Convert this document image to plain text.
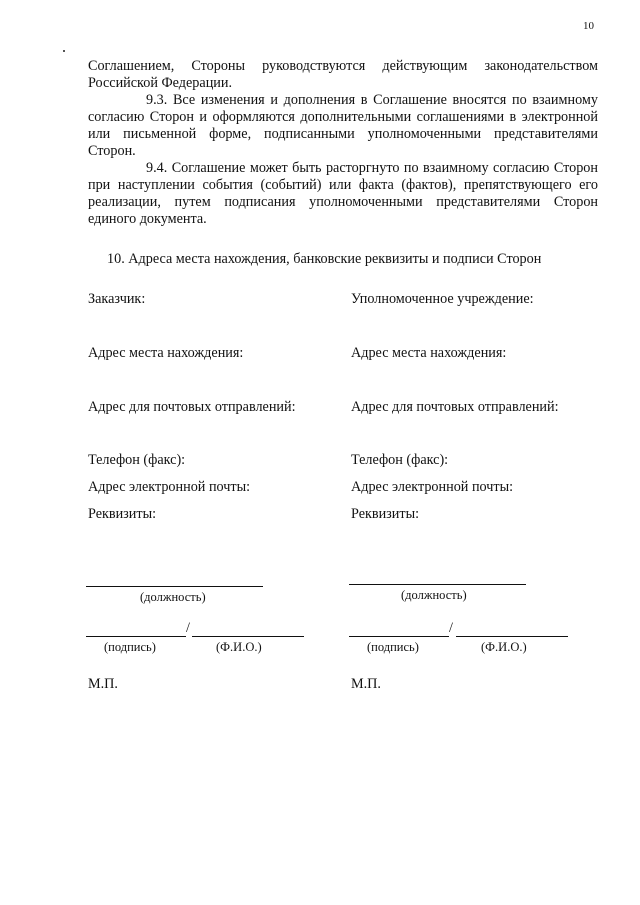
10

Соглашением, Стороны руководствуются действующим законодательством Российской Федерации.

9.3. Все изменения и дополнения в Соглашение вносятся по взаимному согласию Сторон и оформляются дополнительными соглашениями в электронной или письменной форме, подписанными уполномоченными представителями Сторон.

9.4. Соглашение может быть расторгнуто по взаимному согласию Сторон при наступлении события (событий) или факта (фактов), препятствующего его реализации, путем подписания уполномоченными представителями Сторон единого документа.

10. Адреса места нахождения, банковские реквизиты и подписи Сторон
Заказчик:
Адрес места нахождения:
Адрес для почтовых отправлений:
Телефон (факс):
Адрес электронной почты:
Реквизиты:
(должность)
/
(подпись)	(Ф.И.О.)
М.П.
Уполномоченное учреждение:
Адрес места нахождения:
Адрес для почтовых отправлений:
Телефон (факс):
Адрес электронной почты:
Реквизиты:
(должность)
/
(подпись)	(Ф.И.О.)
М.П.
